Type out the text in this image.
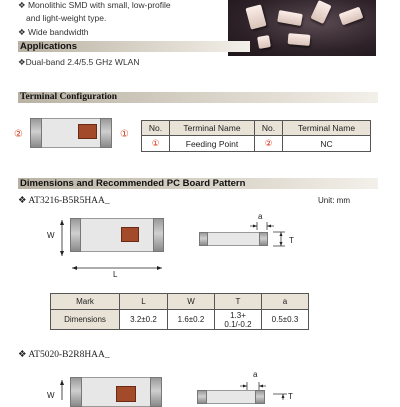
❖ Monolithic SMD with small, low-profile
and light-weight type.
❖ Wide bandwidth
Applications
❖Dual-band 2.4/5.5 GHz WLAN
Terminal Configuration
②	①
No.	Terminal Name	No.	Terminal Name
①	Feeding Point	②	NC
Dimensions and Recommended PC Board Pattern
❖ AT3216-B5R5HAA_	Unit: mm
W
L
a
T
Mark	L	W	T	a
Dimensions	3.2±0.2	1.6±0.2	1.3+
0.1/-0.2	0.5±0.3
❖ AT5020-B2R8HAA_
W
a
T
